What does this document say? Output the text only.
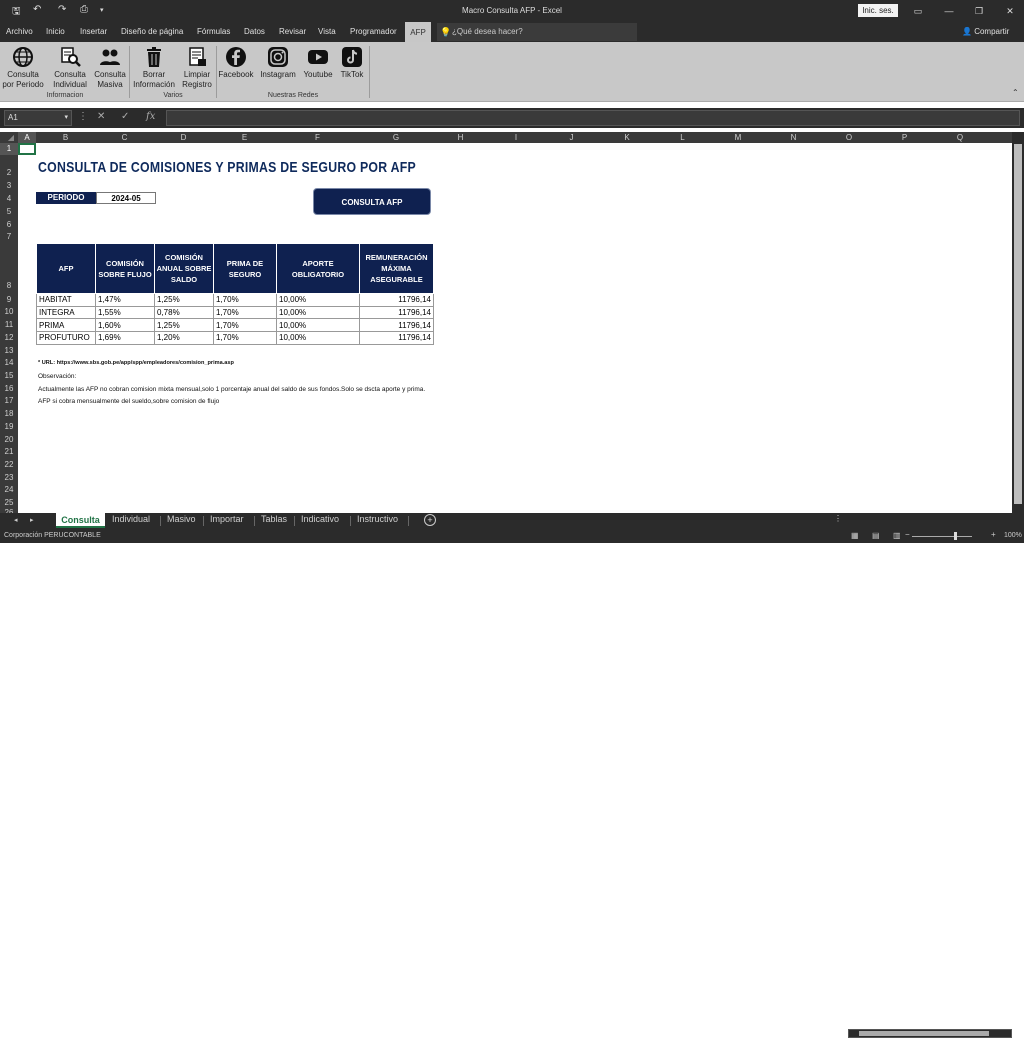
🖫 ↶ ↷ ⎙ ▾	Macro Consulta AFP - Excel	Inic. ses.	▭	—	❐	✕
Archivo Inicio Insertar Diseño de página Fórmulas Datos Revisar Vista Programador	AFP	💡 ¿Qué desea hacer?	👤 Compartir
Consulta
por Periodo
Consulta
Individual
Consulta
Masiva
Informacion
Borrar
Información
Limpiar
Registro
Varios
Facebook Instagram Youtube	TikTok
Nuestras Redes	⌃
A1	▾ ⋮ ✕ ✓ fx
◢	A	B	C	D	E	F	G	H	I	J	K	L	M	N	O	P	Q
1
2
3
4
5
6
7
8
9
10
11
12
13
14
15
16
17
18
19
20
21
22
23
24
25
CONSULTA DE COMISIONES Y PRIMAS DE SEGURO POR AFP
PERIODO	2024-05	CONSULTA AFP
AFP	COMISIÓN SOBRE FLUJO	COMISIÓN ANUAL SOBRE SALDO	PRIMA DE SEGURO	APORTE OBLIGATORIO	REMUNERACIÓN MÁXIMA ASEGURABLE
HABITAT	1,47%	1,25%	1,70%	10,00%	11796,14
INTEGRA	1,55%	0,78%	1,70%	10,00%	11796,14
PRIMA	1,60%	1,25%	1,70%	10,00%	11796,14
PROFUTURO	1,69%	1,20%	1,70%	10,00%	11796,14
* URL: https://www.sbs.gob.pe/app/spp/empleadores/comision_prima.asp
Observación:
Actualmente las AFP no cobran comision mixta mensual,solo 1 porcentaje anual del saldo de sus fondos.Solo se dscta aporte y prima.
AFP si cobra mensualmente del sueldo,sobre comision de flujo
◂ ▸	Consulta	Individual Masivo Importar Tablas Indicativo Instructivo	+	⋮
Corporación PERUCONTABLE	▦ ▤ ▥ −	+ 100%
